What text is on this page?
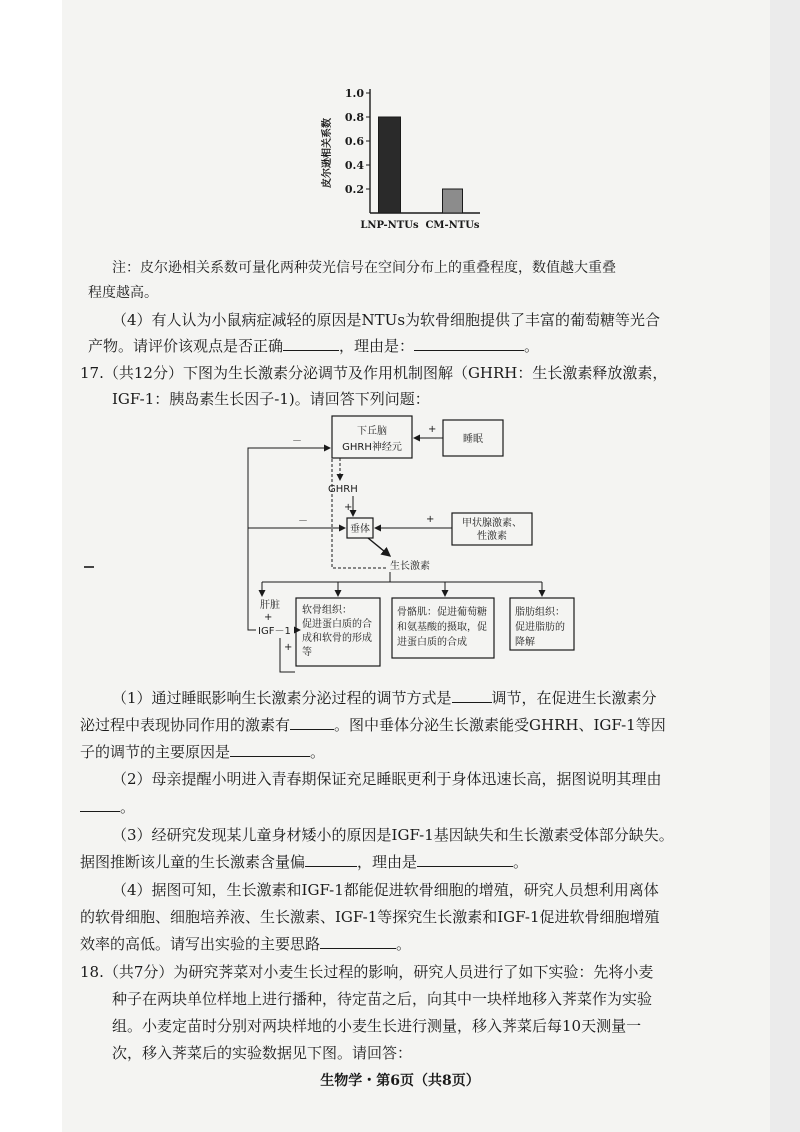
1.0
0.8
0.6
0.4
0.2
皮尔逊相关系数
LNP-NTUs CM-NTUs
注：皮尔逊相关系数可量化两种荧光信号在空间分布上的重叠程度，数值越大重叠
程度越高。
（4）有人认为小鼠病症减轻的原因是NTUs为软骨细胞提供了丰富的葡萄糖等光合
产物。请评价该观点是否正确	，理由是：	。
17.（共12分）下图为生长激素分泌调节及作用机制图解（GHRH：生长激素释放激素，
IGF-1：胰岛素生长因子-1)。请回答下列问题：
下丘脑
GHRH神经元
睡眠
+
GHRH
+
垂体
甲状腺激素、
性激素
+
生长激素
肝脏
+
IGF－1
+
－
－
软骨组织：
促进蛋白质的合
成和软骨的形成
等
骨骼肌：促进葡萄糖
和氨基酸的摄取，促
进蛋白质的合成
脂肪组织：
促进脂肪的
降解
（1）通过睡眠影响生长激素分泌过程的调节方式是	调节，在促进生长激素分
泌过程中表现协同作用的激素有	。图中垂体分泌生长激素能受GHRH、IGF-1等因
子的调节的主要原因是	。
（2）母亲提醒小明进入青春期保证充足睡眠更利于身体迅速长高，据图说明其理由
。
（3）经研究发现某儿童身材矮小的原因是IGF-1基因缺失和生长激素受体部分缺失。
据图推断该儿童的生长激素含量偏	，理由是	。
（4）据图可知，生长激素和IGF-1都能促进软骨细胞的增殖，研究人员想利用离体
的软骨细胞、细胞培养液、生长激素、IGF-1等探究生长激素和IGF-1促进软骨细胞增殖
效率的高低。请写出实验的主要思路	。
18.（共7分）为研究荠菜对小麦生长过程的影响，研究人员进行了如下实验：先将小麦
种子在两块单位样地上进行播种，待定苗之后，向其中一块样地移入荠菜作为实验
组。小麦定苗时分别对两块样地的小麦生长进行测量，移入荠菜后每10天测量一
次，移入荠菜后的实验数据见下图。请回答：
生物学・第6页（共8页）
